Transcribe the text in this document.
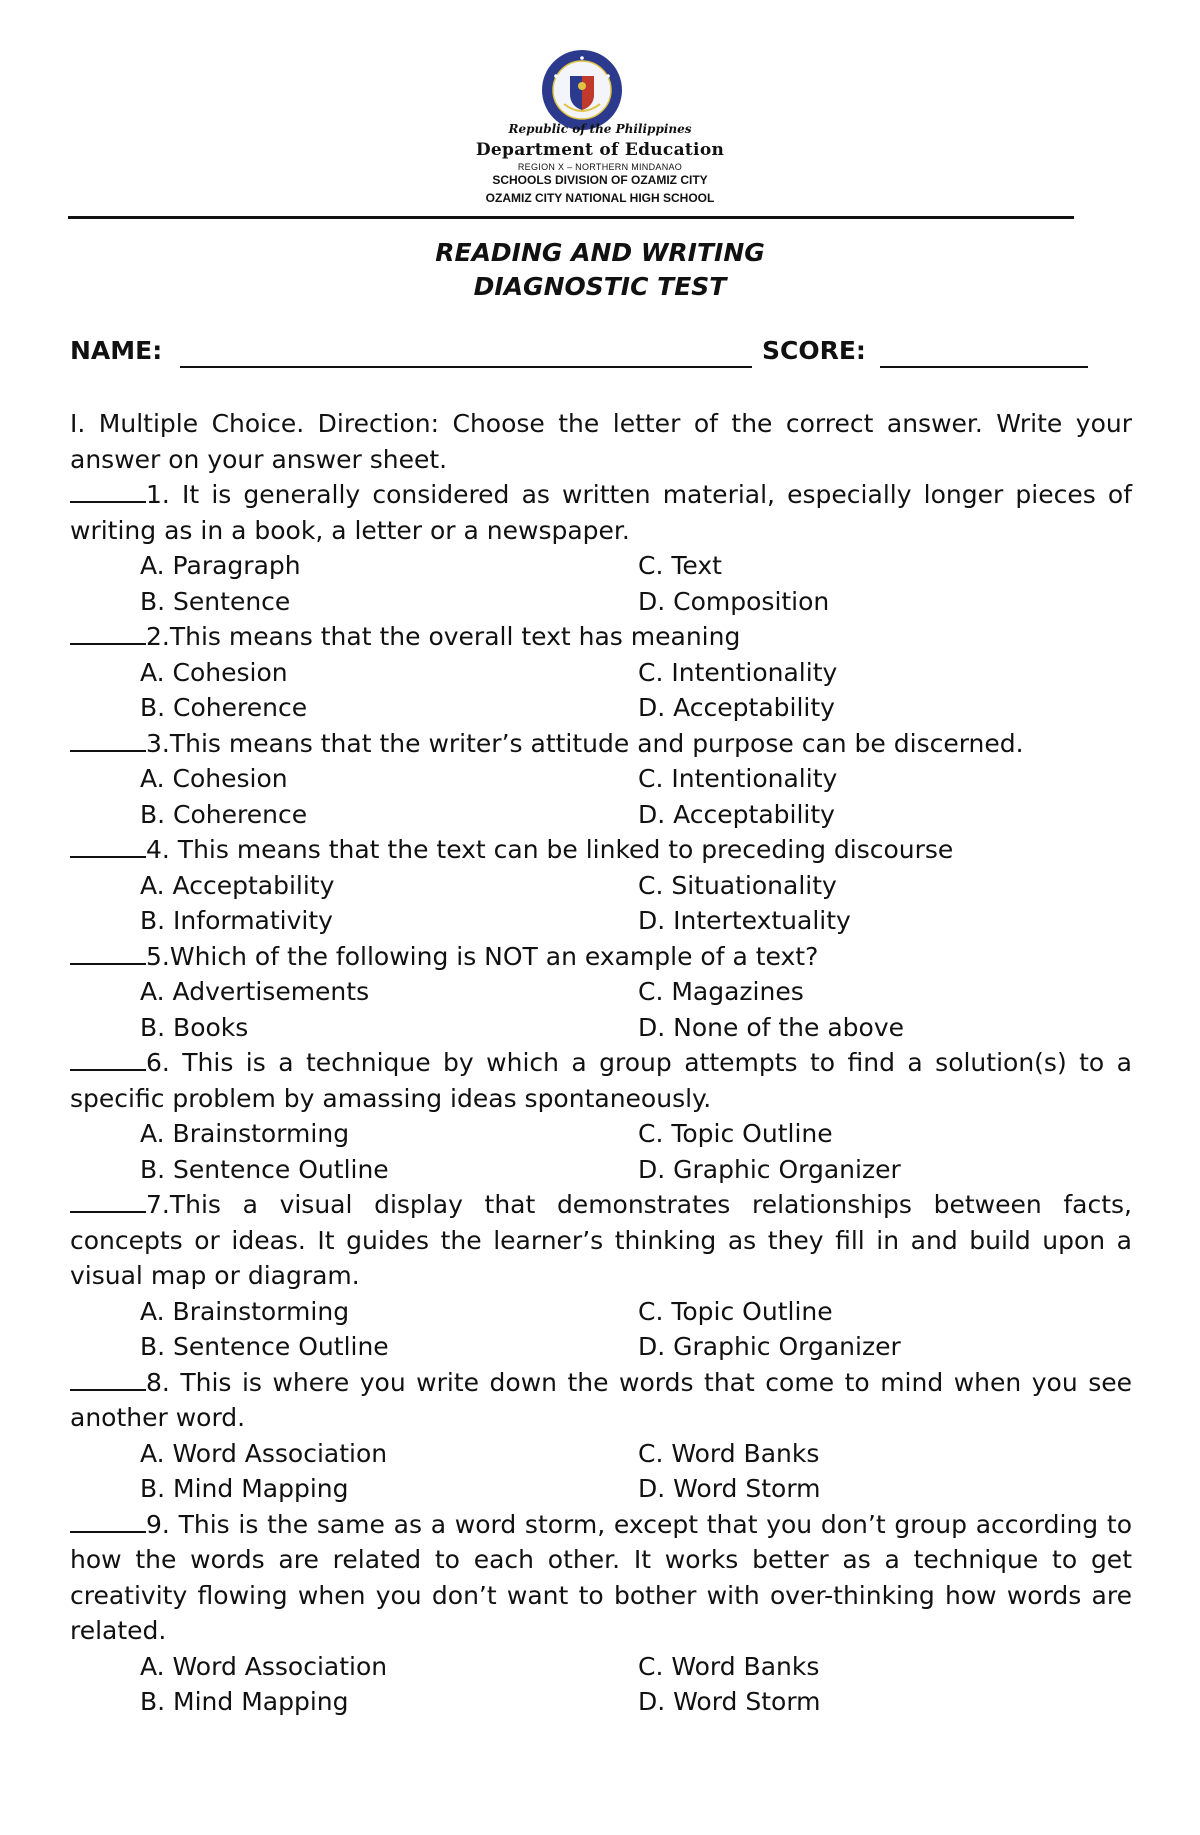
Republic of the Philippines
Department of Education
REGION X – NORTHERN MINDANAO
SCHOOLS DIVISION OF OZAMIZ CITY
OZAMIZ CITY NATIONAL HIGH SCHOOL
READING AND WRITING
DIAGNOSTIC TEST
NAME:	SCORE:
I. Multiple Choice. Direction: Choose the letter of the correct answer. Write your answer on your answer sheet.
1. It is generally considered as written material, especially longer pieces of writing as in a book, a letter or a newspaper.
A. Paragraph	C. Text
B. Sentence	D. Composition
2.This means that the overall text has meaning
A. Cohesion	C. Intentionality
B. Coherence	D. Acceptability
3.This means that the writer’s attitude and purpose can be discerned.
A. Cohesion	C. Intentionality
B. Coherence	D. Acceptability
4. This means that the text can be linked to preceding discourse
A. Acceptability	C. Situationality
B. Informativity	D. Intertextuality
5.Which of the following is NOT an example of a text?
A. Advertisements	C. Magazines
B. Books	D. None of the above
6. This is a technique by which a group attempts to find a solution(s) to a specific problem by amassing ideas spontaneously.
A. Brainstorming	C. Topic Outline
B. Sentence Outline	D. Graphic Organizer
7.This a visual display that demonstrates relationships between facts, concepts or ideas. It guides the learner’s thinking as they fill in and build upon a visual map or diagram.
A. Brainstorming	C. Topic Outline
B. Sentence Outline	D. Graphic Organizer
8. This is where you write down the words that come to mind when you see another word.
A. Word Association	C. Word Banks
B. Mind Mapping	D. Word Storm
9. This is the same as a word storm, except that you don’t group according to how the words are related to each other. It works better as a technique to get creativity flowing when you don’t want to bother with over-thinking how words are related.
A. Word Association	C. Word Banks
B. Mind Mapping	D. Word Storm
